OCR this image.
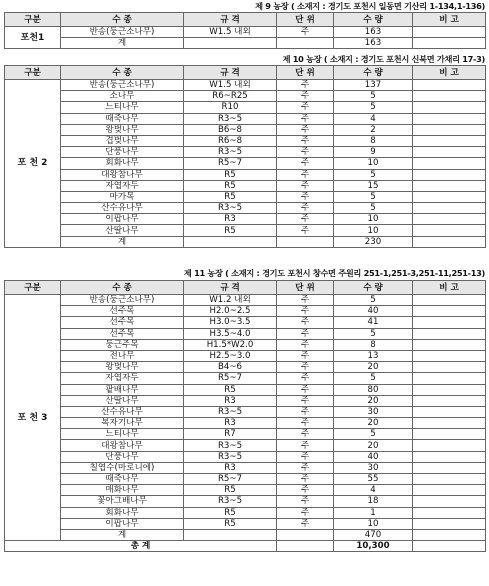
제 9 농장 ( 소재지 : 경기도 포천시 일동면 기산리 1-134,1-136)
구분	수 종	규 격	단 위	수 량	비 고
포천1	반송(둥근소나무)	W1.5 내외	주	163	
	계			163	
제 10 농장 ( 소재지 : 경기도 포천시 신북면 가채리 17-3)
구분	수 종	규 격	단 위	수 량	비 고
포 천 2	반송(둥근소나무)	W1.5 내외	주	137	
	소나무	R6~R25	주	5	
	느티나무	R10	주	5	
	때죽나무	R3~5	주	4	
	왕벚나무	B6~8	주	2	
	겹벚나무	R6~8	주	8	
	단풍나무	R3~5	주	9	
	회화나무	R5~7	주	10	
	대왕참나무	R5	주	5	
	자엽자두	R5	주	15	
	마가목	R5	주	5	
	산수유나무	R3~5	주	5	
	이팝나무	R3	주	10	
	산딸나무	R5	주	10	
	계			230	
제 11 농장 ( 소재지 : 경기도 포천시 창수면 주원리 251-1,251-3,251-11,251-13)
구분	수 종	규 격	단 위	수 량	비 고
포 천 3	반송(둥근소나무)	W1.2 내외	주	5	
	선주목	H2.0~2.5	주	40	
	선주목	H3.0~3.5	주	41	
	선주목	H3.5~4.0	주	5	
	둥근주목	H1.5*W2.0	주	8	
	전나무	H2.5~3.0	주	13	
	왕벚나무	B4~6	주	20	
	자엽자두	R5~7	주	5	
	팥배나무	R5	주	80	
	산딸나무	R3	주	20	
	산수유나무	R3~5	주	30	
	복자기나무	R3	주	20	
	느티나무	R7	주	5	
	대왕참나무	R3~5	주	20	
	단풍나무	R3~5	주	40	
	칠엽수(마로니에)	R3	주	30	
	때죽나무	R5~7	주	55	
	매화나무	R5	주	4	
	꽃아그배나무	R3~5	주	18	
	회화나무	R5	주	1	
	이팝나무	R5	주	10	
	계			470	
총 계				10,300	
